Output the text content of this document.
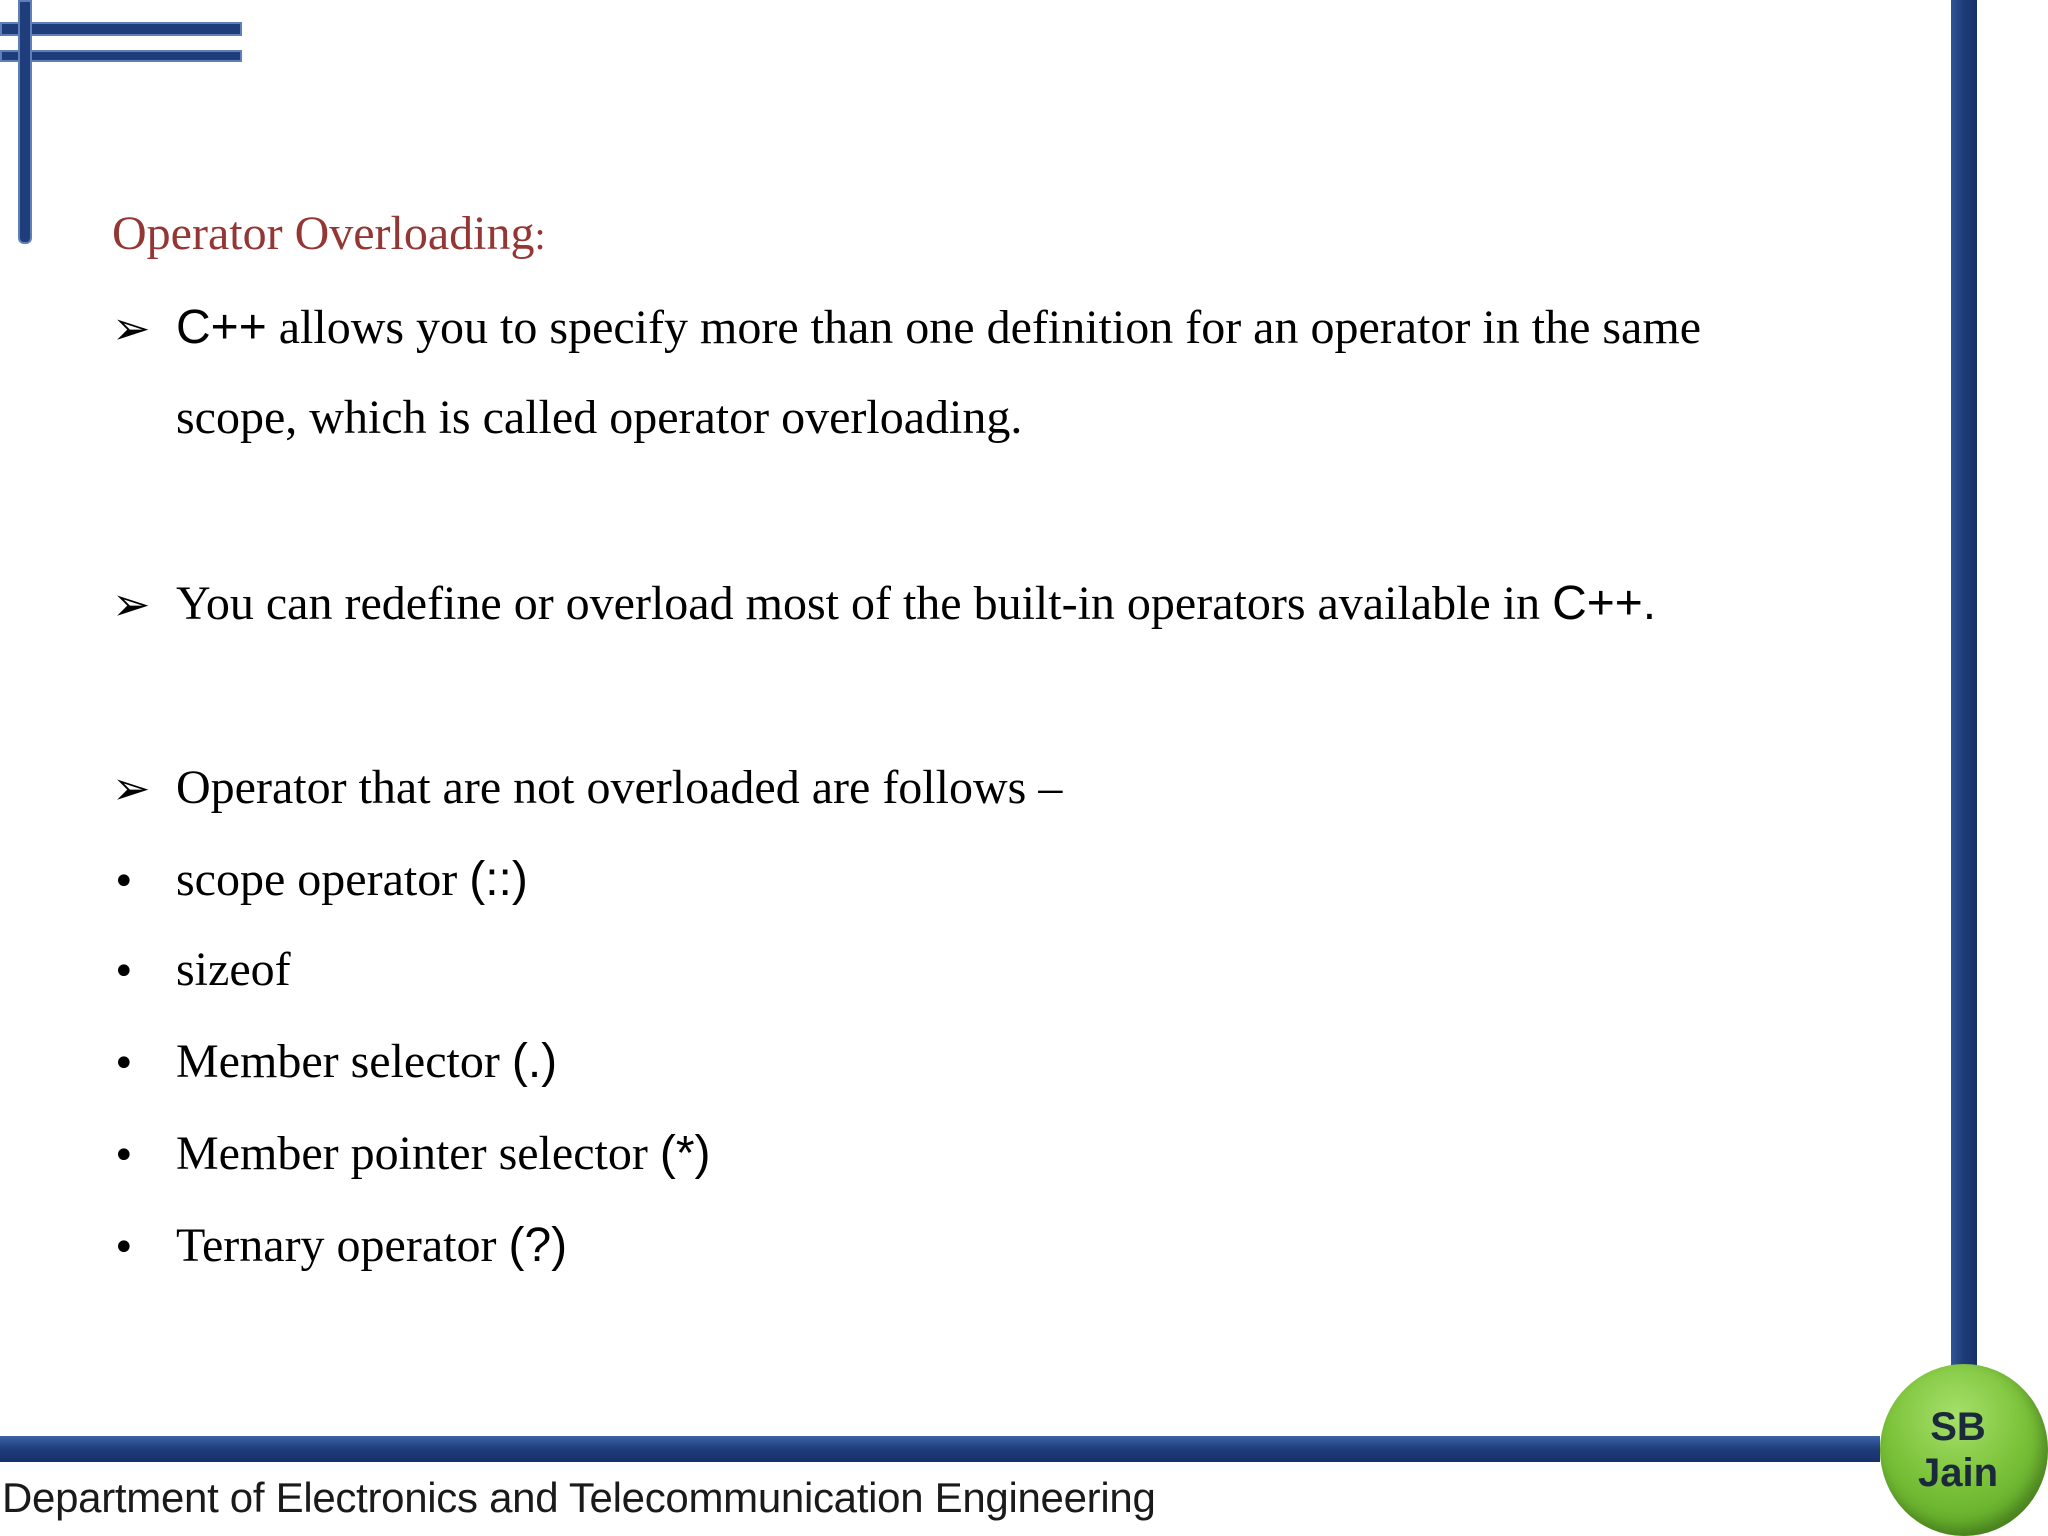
Operator Overloading:
➢ C++ allows you to specify more than one definition for an operator in the same
scope, which is called operator overloading.
➢ You can redefine or overload most of the built-in operators available in C++.
➢ Operator that are not overloaded are follows –
• scope operator (::)
• sizeof
• Member selector (.)
• Member pointer selector (*)
• Ternary operator (?)
Department of Electronics and Telecommunication Engineering
SB
Jain
